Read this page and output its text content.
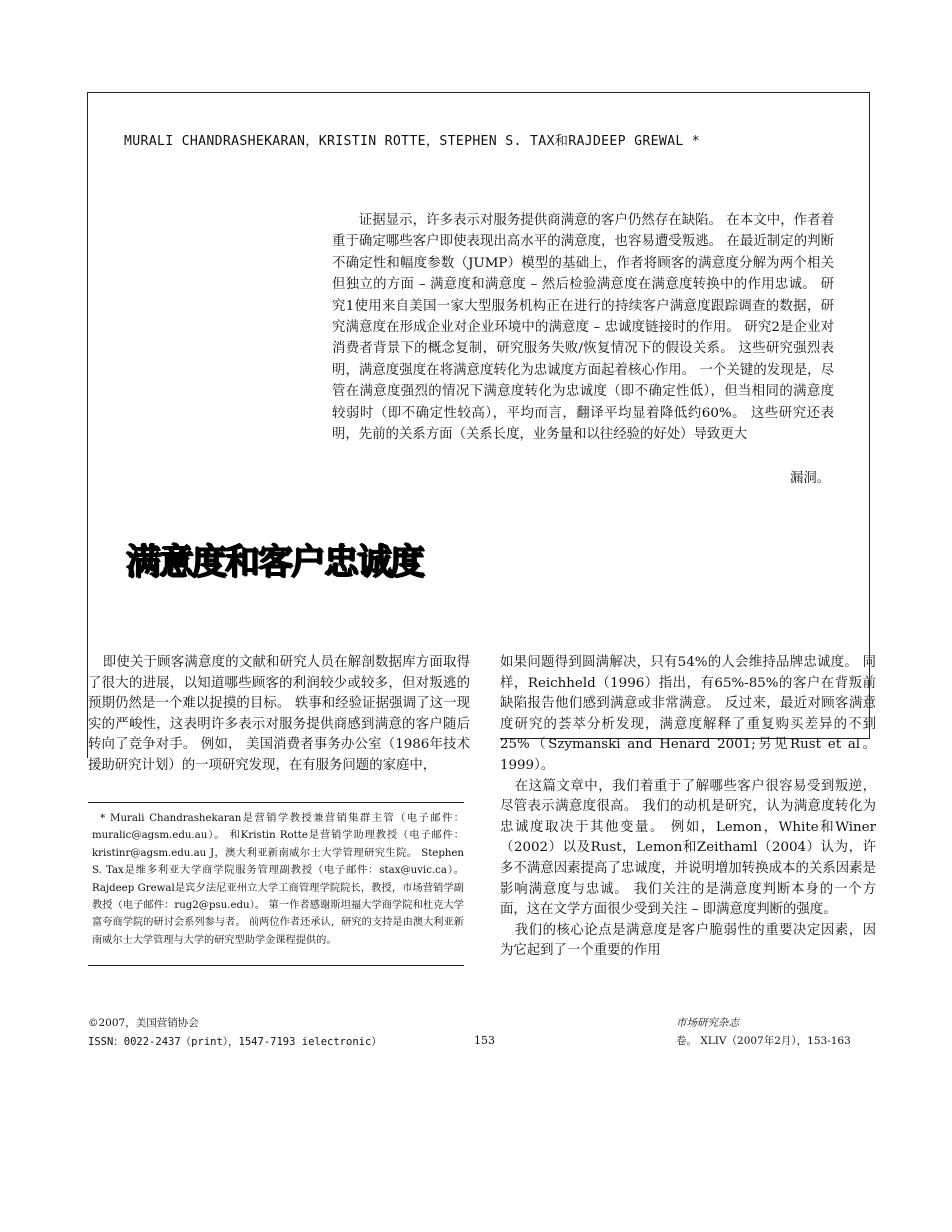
MURALI CHANDRASHEKARAN，KRISTIN ROTTE，STEPHEN S. TAX和RAJDEEP GREWAL *
证据显示，许多表示对服务提供商满意的客户仍然存在缺陷。 在本文中，作者着重于确定哪些客户即使表现出高水平的满意度，也容易遭受叛逃。 在最近制定的判断不确定性和幅度参数（JUMP）模型的基础上，作者将顾客的满意度分解为两个相关但独立的方面 – 满意度和满意度 – 然后检验满意度在满意度转换中的作用忠诚。 研究1使用来自美国一家大型服务机构正在进行的持续客户满意度跟踪调查的数据，研究满意度在形成企业对企业环境中的满意度 – 忠诚度链接时的作用。 研究2是企业对消费者背景下的概念复制，研究服务失败/恢复情况下的假设关系。 这些研究强烈表明，满意度强度在将满意度转化为忠诚度方面起着核心作用。 一个关键的发现是，尽管在满意度强烈的情况下满意度转化为忠诚度（即不确定性低），但当相同的满意度较弱时（即不确定性较高），平均而言，翻译平均显着降低约60%。 这些研究还表明，先前的关系方面（关系长度，业务量和以往经验的好处）导致更大
漏洞。
满意度和客户忠诚度
即使关于顾客满意度的文献和研究人员在解剖数据库方面取得了很大的进展，以知道哪些顾客的利润较少或较多，但对叛逃的预期仍然是一个难以捉摸的目标。 轶事和经验证据强调了这一现实的严峻性，这表明许多表示对服务提供商感到满意的客户随后转向了竞争对手。 例如， 美国消费者事务办公室（1986年技术援助研究计划）的一项研究发现，在有服务问题的家庭中，

如果问题得到圆满解决，只有54%的人会维持品牌忠诚度。 同样，Reichheld（1996）指出，有65%-85%的客户在背叛前缺陷报告他们感到满意或非常满意。 反过来，最近对顾客满意度研究的荟萃分析发现，满意度解释了重复购买差异的不到25%（Szymanski and Henard 2001;另见Rust et al。1999）。

在这篇文章中，我们着重于了解哪些客户很容易受到叛逆，尽管表示满意度很高。 我们的动机是研究，认为满意度转化为忠诚度取决于其他变量。 例如，Lemon，White和Winer（2002）以及Rust，Lemon和Zeithaml（2004）认为，许多不满意因素提高了忠诚度，并说明增加转换成本的关系因素是影响满意度与忠诚。 我们关注的是满意度判断本身的一个方面，这在文学方面很少受到关注 – 即满意度判断的强度。

我们的核心论点是满意度是客户脆弱性的重要决定因素，因为它起到了一个重要的作用

* Murali Chandrashekaran是营销学教授兼营销集群主管（电子邮件：muralic@agsm.edu.au）。 和Kristin Rotte是营销学助理教授（电子邮件： kristinr@agsm.edu.au J，澳大利亚新南威尔士大学管理研究生院。 Stephen S. Tax是维多利亚大学商学院服务管理副教授（电子邮件：stax@uvic.ca）。 Rajdeep Grewal是宾夕法尼亚州立大学工商管理学院院长，教授，市场营销学副教授（电子邮件：rug2@psu.edu）。 第一作者感谢斯坦福大学商学院和杜克大学富夸商学院的研讨会系列参与者。 前两位作者还承认，研究的支持是由澳大利亚新南威尔士大学管理与大学的研究型助学金课程提供的。
©2007，美国营销协会
ISSN：0022-2437（print），1547-7193 ielectronic）	153
市场研究杂志
卷。 XLIV（2007年2月），153-163
